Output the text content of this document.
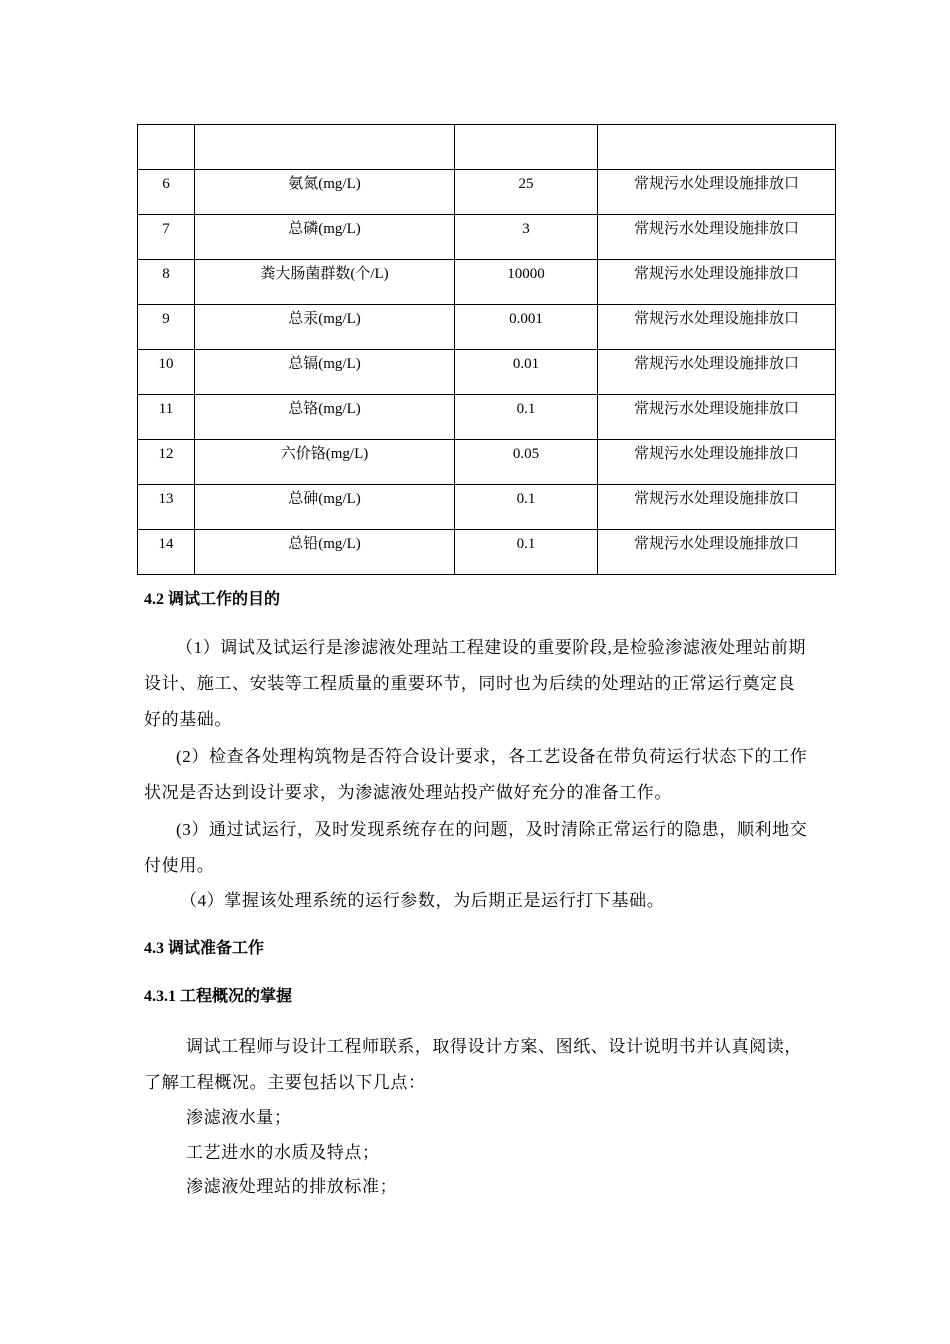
6	氨氮(mg/L)	25	常规污水处理设施排放口

7	总磷(mg/L)	3	常规污水处理设施排放口

8	粪大肠菌群数(个/L)	10000	常规污水处理设施排放口

9	总汞(mg/L)	0.001	常规污水处理设施排放口

10	总镉(mg/L)	0.01	常规污水处理设施排放口

11	总铬(mg/L)	0.1	常规污水处理设施排放口

12	六价铬(mg/L)	0.05	常规污水处理设施排放口

13	总砷(mg/L)	0.1	常规污水处理设施排放口

14	总铅(mg/L)	0.1	常规污水处理设施排放口
4.2 调试工作的目的
（1）调试及试运行是渗滤液处理站工程建设的重要阶段,是检验渗滤液处理站前期设计、施工、安装等工程质量的重要环节，同时也为后续的处理站的正常运行奠定良好的基础。
(2）检查各处理构筑物是否符合设计要求，各工艺设备在带负荷运行状态下的工作状况是否达到设计要求，为渗滤液处理站投产做好充分的准备工作。
(3）通过试运行，及时发现系统存在的问题，及时清除正常运行的隐患，顺利地交付使用。
（4）掌握该处理系统的运行参数，为后期正是运行打下基础。
4.3 调试准备工作
4.3.1 工程概况的掌握
调试工程师与设计工程师联系，取得设计方案、图纸、设计说明书并认真阅读，了解工程概况。主要包括以下几点：
渗滤液水量；
工艺进水的水质及特点；
渗滤液处理站的排放标准；
